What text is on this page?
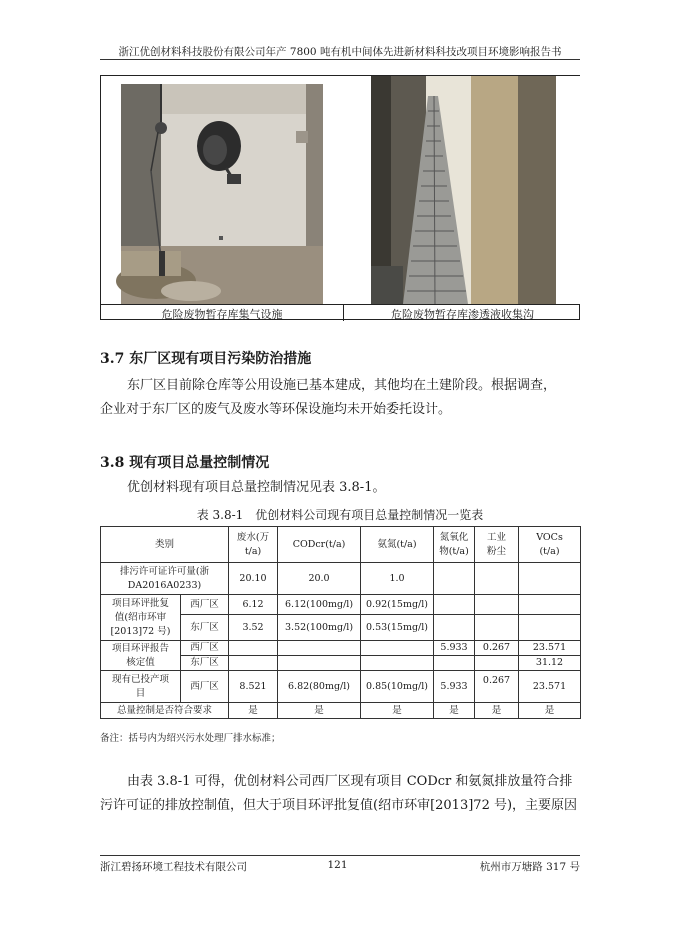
浙江优创材料科技股份有限公司年产 7800 吨有机中间体先进新材料科技改项目环境影响报告书
危险废物暂存库集气设施	危险废物暂存库渗透液收集沟
3.7 东厂区现有项目污染防治措施
东厂区目前除仓库等公用设施已基本建成，其他均在土建阶段。根据调查，
企业对于东厂区的废气及废水等环保设施均未开始委托设计。
3.8 现有项目总量控制情况
优创材料现有项目总量控制情况见表 3.8-1。
表 3.8-1　优创材料公司现有项目总量控制情况一览表
类别		废水(万
t/a)	CODcr(t/a)	氨氮(t/a)	氮氧化
物(t/a)	工业
粉尘	VOCs
(t/a)
排污许可证许可量(浙
DA2016A0233)		20.10	20.0	1.0			
项目环评批复
值(绍市环审
[2013]72 号)	西厂区	6.12	6.12(100mg/l)	0.92(15mg/l)			
	东厂区	3.52	3.52(100mg/l)	0.53(15mg/l)			
项目环评报告
核定值	西厂区				5.933	0.267	23.571
	东厂区						31.12
现有已投产项
目	西厂区	8.521	6.82(80mg/l)	0.85(10mg/l)	5.933	0.267	23.571
总量控制是否符合要求		是	是	是	是	是	是
备注：括号内为绍兴污水处理厂排水标准；
由表 3.8-1 可得，优创材料公司西厂区现有项目 CODcr 和氨氮排放量符合排
污许可证的排放控制值，但大于项目环评批复值(绍市环审[2013]72 号)，主要原因
浙江碧扬环境工程技术有限公司	121	杭州市万塘路 317 号
